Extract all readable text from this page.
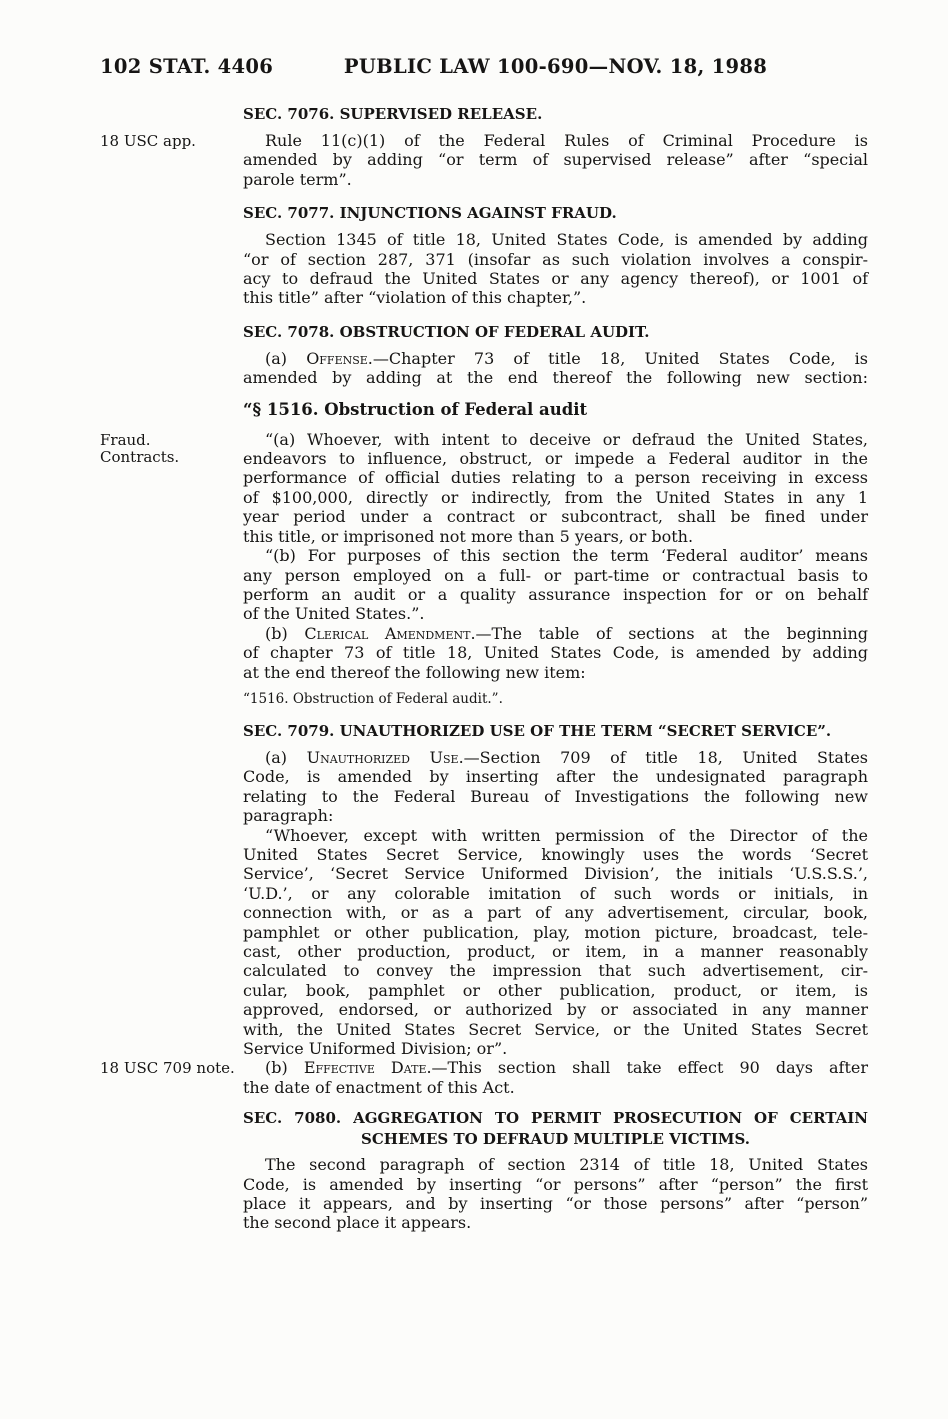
102 STAT. 4406	PUBLIC LAW 100-690—NOV. 18, 1988
SEC. 7076. SUPERVISED RELEASE.
18 USC app.	Rule 11(c)(1) of the Federal Rules of Criminal Procedure is
amended by adding “or term of supervised release” after “special
parole term”.
SEC. 7077. INJUNCTIONS AGAINST FRAUD.
Section 1345 of title 18, United States Code, is amended by adding
“or of section 287, 371 (insofar as such violation involves a conspir-
acy to defraud the United States or any agency thereof), or 1001 of
this title” after “violation of this chapter,”.
SEC. 7078. OBSTRUCTION OF FEDERAL AUDIT.
(a) Offense.—Chapter 73 of title 18, United States Code, is
amended by adding at the end thereof the following new section:
“§ 1516. Obstruction of Federal audit
Fraud.
Contracts.
“(a) Whoever, with intent to deceive or defraud the United States,
endeavors to influence, obstruct, or impede a Federal auditor in the
performance of official duties relating to a person receiving in excess
of $100,000, directly or indirectly, from the United States in any 1
year period under a contract or subcontract, shall be fined under
this title, or imprisoned not more than 5 years, or both.
“(b) For purposes of this section the term ‘Federal auditor’ means
any person employed on a full- or part-time or contractual basis to
perform an audit or a quality assurance inspection for or on behalf
of the United States.”.
(b) Clerical Amendment.—The table of sections at the beginning
of chapter 73 of title 18, United States Code, is amended by adding
at the end thereof the following new item:
“1516. Obstruction of Federal audit.”.
SEC. 7079. UNAUTHORIZED USE OF THE TERM “SECRET SERVICE”.
(a) Unauthorized Use.—Section 709 of title 18, United States
Code, is amended by inserting after the undesignated paragraph
relating to the Federal Bureau of Investigations the following new
paragraph:
“Whoever, except with written permission of the Director of the
United States Secret Service, knowingly uses the words ‘Secret
Service’, ‘Secret Service Uniformed Division’, the initials ‘U.S.S.S.’,
‘U.D.’, or any colorable imitation of such words or initials, in
connection with, or as a part of any advertisement, circular, book,
pamphlet or other publication, play, motion picture, broadcast, tele-
cast, other production, product, or item, in a manner reasonably
calculated to convey the impression that such advertisement, cir-
cular, book, pamphlet or other publication, product, or item, is
approved, endorsed, or authorized by or associated in any manner
with, the United States Secret Service, or the United States Secret
Service Uniformed Division; or”.
18 USC 709 note.	(b) Effective Date.—This section shall take effect 90 days after
the date of enactment of this Act.
SEC. 7080. AGGREGATION TO PERMIT PROSECUTION OF CERTAIN
SCHEMES TO DEFRAUD MULTIPLE VICTIMS.
The second paragraph of section 2314 of title 18, United States
Code, is amended by inserting “or persons” after “person” the first
place it appears, and by inserting “or those persons” after “person”
the second place it appears.
